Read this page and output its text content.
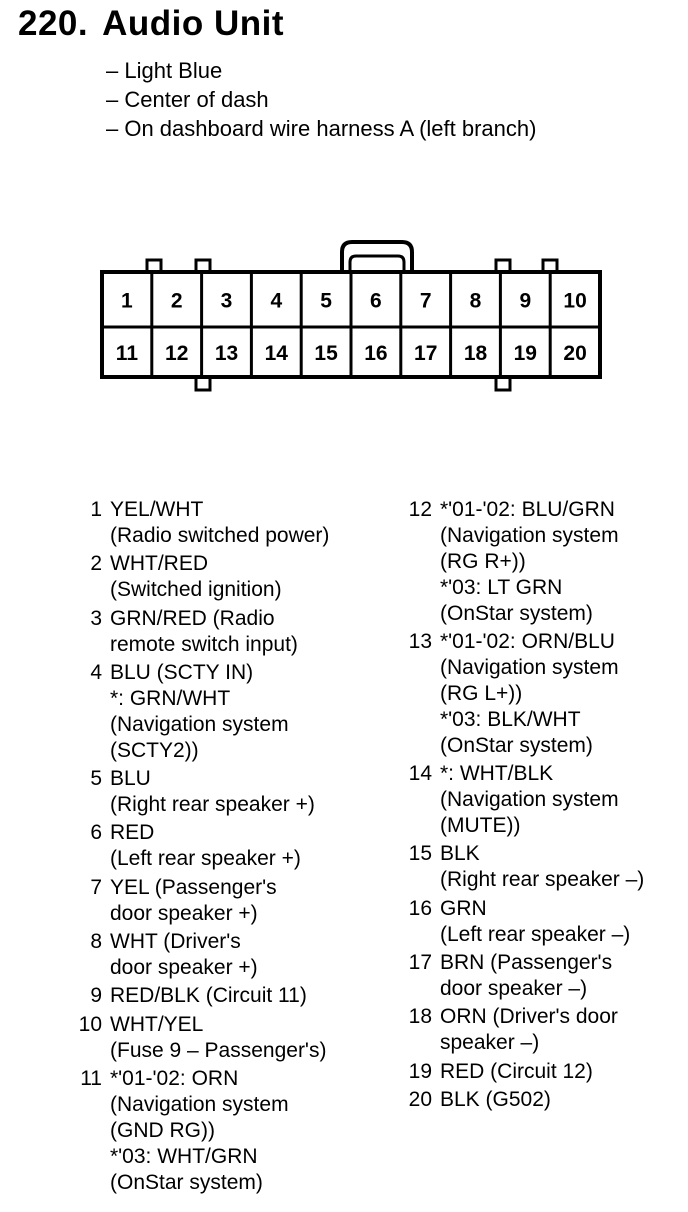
220. Audio Unit
– Light Blue
– Center of dash
– On dashboard wire harness A (left branch)
1 2 3 4 5 6 7 8 9 10
11 12 13 14 15 16 17 18 19 20
1 YEL/WHT
(Radio switched power)
2 WHT/RED
(Switched ignition)
3 GRN/RED (Radio
remote switch input)
4 BLU (SCTY IN)
*: GRN/WHT
(Navigation system
(SCTY2))
5 BLU
(Right rear speaker +)
6 RED
(Left rear speaker +)
7 YEL (Passenger's
door speaker +)
8 WHT (Driver's
door speaker +)
9 RED/BLK (Circuit 11)
10 WHT/YEL
(Fuse 9 – Passenger's)
11 *'01-'02: ORN
(Navigation system
(GND RG))
*'03: WHT/GRN
(OnStar system)
12 *'01-'02: BLU/GRN
(Navigation system
(RG R+))
*'03: LT GRN
(OnStar system)
13 *'01-'02: ORN/BLU
(Navigation system
(RG L+))
*'03: BLK/WHT
(OnStar system)
14 *: WHT/BLK
(Navigation system
(MUTE))
15 BLK
(Right rear speaker –)
16 GRN
(Left rear speaker –)
17 BRN (Passenger's
door speaker –)
18 ORN (Driver's door
speaker –)
19 RED (Circuit 12)
20 BLK (G502)
